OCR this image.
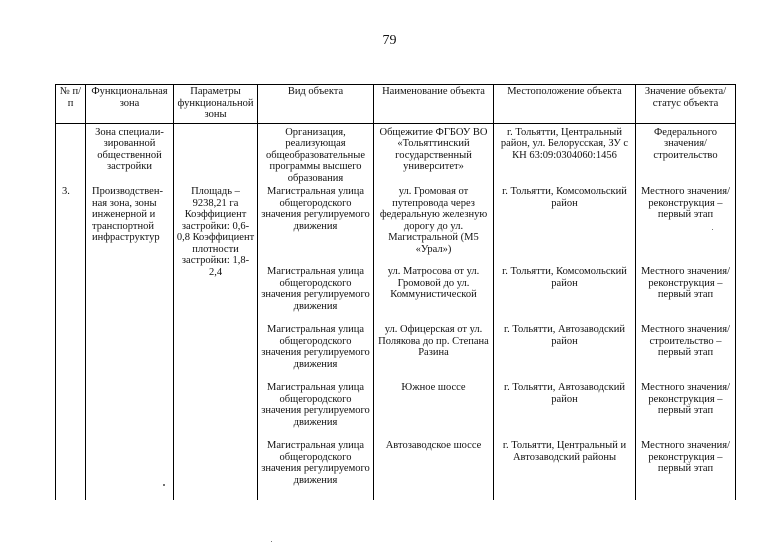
79
№ п/п	Функциональная зона	Параметры функциональной зоны	Вид объекта	Наименование объекта	Местоположение объекта	Значение объекта/статус объекта
	Зона специали-зированной общественной застройки		Организация, реализующая общеобразовательные программы высшего образования	Общежитие ФГБОУ ВО «Тольяттинский государственный университет»	г. Тольятти, Центральный район, ул. Белорусская, ЗУ с КН 63:09:0304060:1456	Федерального значения/ строительство
3.	Производствен-ная зона, зоны инженерной и транспортной инфраструктур	Площадь – 9238,21 га Коэффициент застройки: 0,6-0,8 Коэффициент плотности застройки: 1,8-2,4	Магистральная улица общегородского значения регулируемого движения	ул. Громовая от путепровода через федеральную железную дорогу до ул. Магистральной (М5 «Урал»)	г. Тольятти, Комсомольский район	Местного значения/ реконструкция – первый этап
			Магистральная улица общегородского значения регулируемого движения	ул. Матросова от ул. Громовой до ул. Коммунистической	г. Тольятти, Комсомольский район	Местного значения/ реконструкция – первый этап
			Магистральная улица общегородского значения регулируемого движения	ул. Офицерская от ул. Полякова до пр. Степана Разина	г. Тольятти, Автозаводский район	Местного значения/ строительство – первый этап
			Магистральная улица общегородского значения регулируемого движения	Южное шоссе	г. Тольятти, Автозаводский район	Местного значения/ реконструкция – первый этап
			Магистральная улица общегородского значения регулируемого движения	Автозаводское шоссе	г. Тольятти, Центральный и Автозаводский районы	Местного значения/ реконструкция – первый этап
